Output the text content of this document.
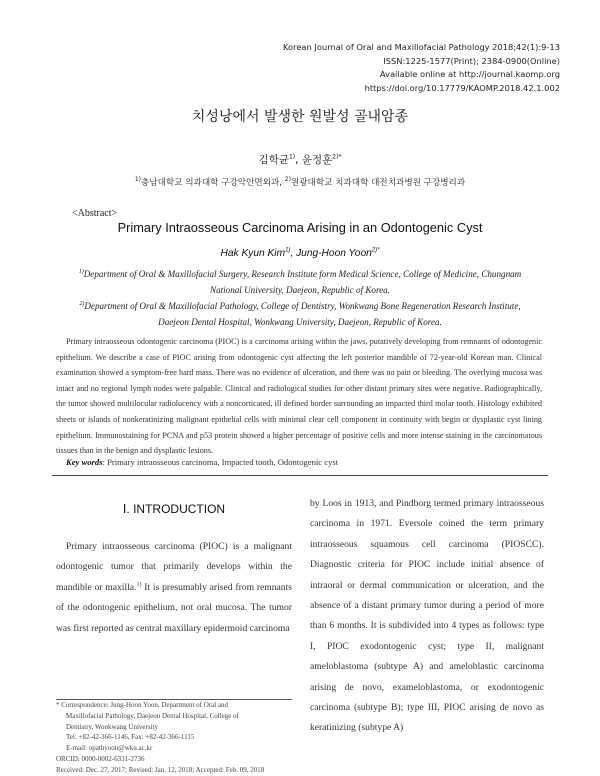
Korean Journal of Oral and Maxillofacial Pathology 2018;42(1):9-13
ISSN:1225-1577(Print); 2384-0900(Online)
Available online at http://journal.kaomp.org
https://doi.org/10.17779/KAOMP.2018.42.1.002
치성낭에서 발생한 원발성 골내암종
김학균$^{1)}$, 윤정훈$^{2)*}$
$^{1)}$충남대학교 의과대학 구강악안면외과, $^{2)}$원광대학교 치과대학 대전치과병원 구강병리과
<Abstract>
Primary Intraosseous Carcinoma Arising in an Odontogenic Cyst
Hak Kyun Kim$^{1)}$, Jung-Hoon Yoon$^{2)*}$
$^{1)}$Department of Oral & Maxillofacial Surgery, Research Institute form Medical Science, College of Medicine, Chungnam National University, Daejeon, Republic of Korea.
$^{2)}$Department of Oral & Maxillofacial Pathology, College of Dentistry, Wonkwang Bone Regeneration Research Institute, Daejeon Dental Hospital, Wonkwang University, Daejeon, Republic of Korea.

Primary intraosseous odontogenic carcinoma (PIOC) is a carcinoma arising within the jaws, putatively developing from remnants of odontogenic epithelium. We describe a case of PIOC arising from odontogenic cyst affecting the left posterior mandible of 72-year-old Korean man. Clinical examination showed a symptom-free hard mass. There was no evidence of ulceration, and there was no pain or bleeding. The overlying mucosa was intact and no regional lymph nodes were palpable. Clinical and radiological studies for other distant primary sites were negative. Radiographically, the tumor showed multilocular radiolucency with a noncorticated, ill defined border surrounding an impacted third molar tooth. Histology exhibited sheets or islands of nonkeratinizing malignant epithelial cells with minimal clear cell component in continuity with begin or dysplastic cyst lining epithelium. Immunostaining for PCNA and p53 protein showed a higher percentage of positive cells and more intense staining in the carcinomatous tissues than in the benign and dysplastic lesions.

Key words: Primary intraosseous carcinoma, Impacted tooth, Odontogenic cyst
Ⅰ. INTRODUCTION

Primary intraosseous carcinoma (PIOC) is a malignant odontogenic tumor that primarily develops within the mandible or maxilla.$^{1)}$ It is presumably arised from remnants of the odontogenic epithelium, not oral mucosa. The tumor was first reported as central maxillary epidermoid carcinoma

by Loos in 1913, and Pindborg termed primary intraosseous carcinoma in 1971. Eversole coined the term primary intraosseous squamous cell carcinoma (PIOSCC). Diagnostic criteria for PIOC include initial absence of intraoral or dermal communication or ulceration, and the absence of a distant primary tumor during a period of more than 6 months. It is subdivided into 4 types as follows: type I, PIOC exodontogenic cyst; type II, malignant ameloblastoma (subtype A) and ameloblastic carcinoma arising de novo, exameloblastoma, or exodontogenic carcinoma (subtype B); type III, PIOC arising de novo as keratinizing (subtype A)

* Correspondence: Jung-Hoon Yoon, Department of Oral and

Maxillofacial Pathology, Daejeon Dental Hospital, College of

Dentistry, Wonkwang University

Tel: +82-42-366-1146, Fax: +82-42-366-1115

E-mail: opathyoon@wku.ac.kr

ORCID: 0000-0002-6331-2736

Received: Dec. 27, 2017; Revised: Jan. 12, 2018; Accepted: Feb. 09, 2018
